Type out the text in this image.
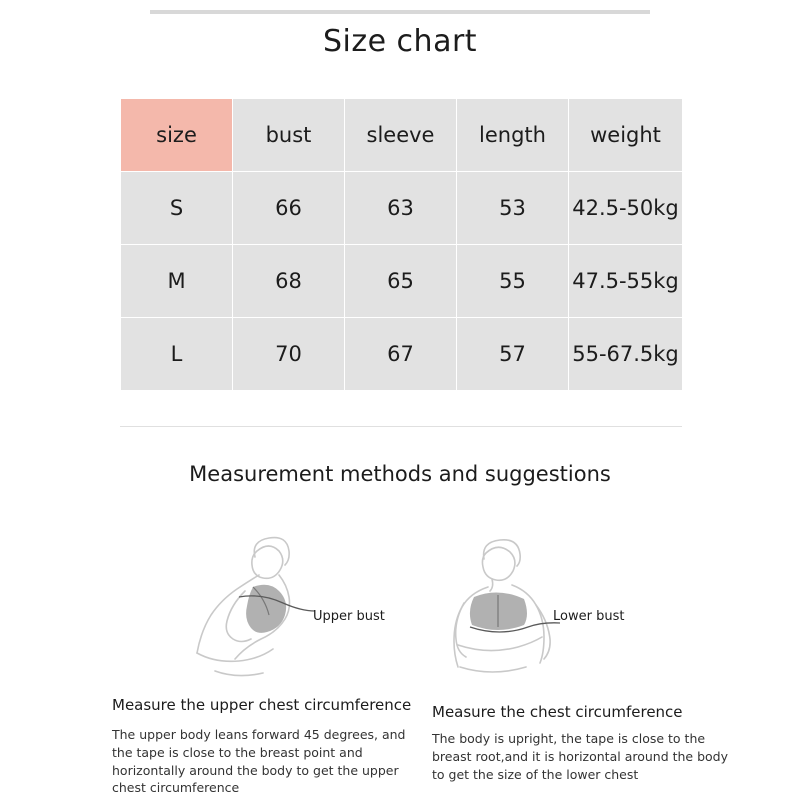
Size chart
size	bust	sleeve	length	weight
S	66	63	53	42.5-50kg
M	68	65	55	47.5-55kg
L	70	67	57	55-67.5kg
Measurement methods and suggestions
Upper bust	Lower bust
Measure the upper chest circumference
The upper body leans forward 45 degrees, and the tape is close to the breast point and horizontally around the body to get the upper chest circumference
Measure the chest circumference
The body is upright, the tape is close to the breast root,and it is horizontal around the body to get the size of the lower chest
